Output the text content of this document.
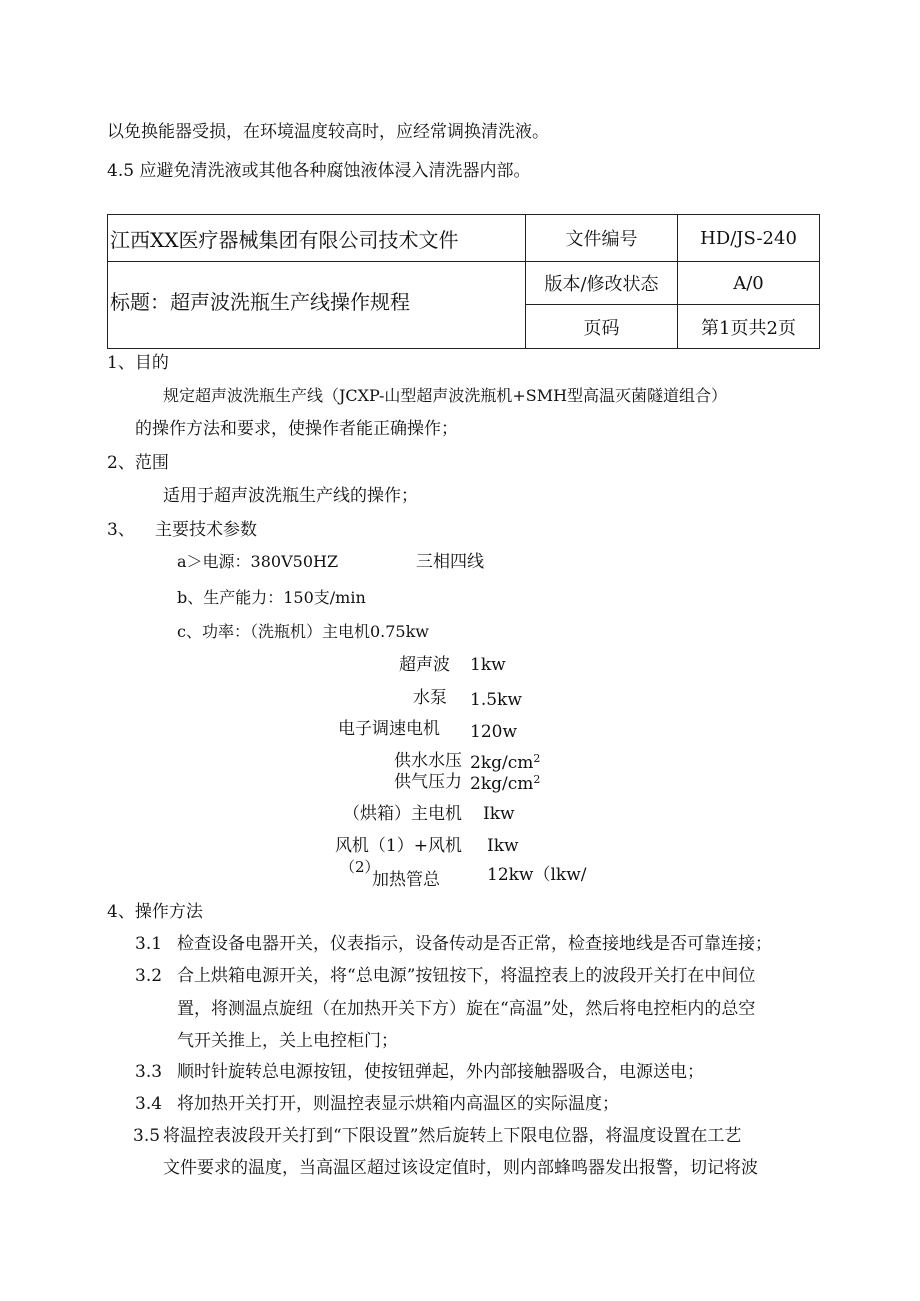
以免换能器受损，在环境温度较高时，应经常调换清洗液。
4.5 应避免清洗液或其他各种腐蚀液体浸入清洗器内部。
江西XX医疗器械集团有限公司技术文件	文件编号	HD/JS-240
标题：超声波洗瓶生产线操作规程	版本/修改状态	A/0
	页码	第1页共2页
1、目的
规定超声波洗瓶生产线（JCXP-山型超声波洗瓶机+SMH型高温灭菌隧道组合）
的操作方法和要求，使操作者能正确操作；
2、范围
适用于超声波洗瓶生产线的操作；
3、 主要技术参数
a＞电源：380V50HZ	三相四线
b、生产能力：150支/min
c、功率：（洗瓶机）主电机0.75kw
超声波 1kw
水泵 1.5kw
电子调速电机 120w
供水水压 $2kg/cm^2$
供气压力 $2kg/cm^2$
（烘箱）主电机 Ikw
风机（1）+风机 Ikw
（2）
加热管总	12kw（lkw/
4、操作方法
3.1 检查设备电器开关，仪表指示，设备传动是否正常，检查接地线是否可靠连接；
3.2 合上烘箱电源开关，将“总电源”按钮按下，将温控表上的波段开关打在中间位
置，将测温点旋纽（在加热开关下方）旋在“高温”处，然后将电控柜内的总空
气开关推上，关上电控柜门；
3.3 顺时针旋转总电源按钮，使按钮弹起，外内部接触器吸合，电源送电；
3.4 将加热开关打开，则温控表显示烘箱内高温区的实际温度；
3.5 将温控表波段开关打到“下限设置”然后旋转上下限电位器，将温度设置在工艺
文件要求的温度，当高温区超过该设定值时，则内部蜂鸣器发出报警，切记将波
